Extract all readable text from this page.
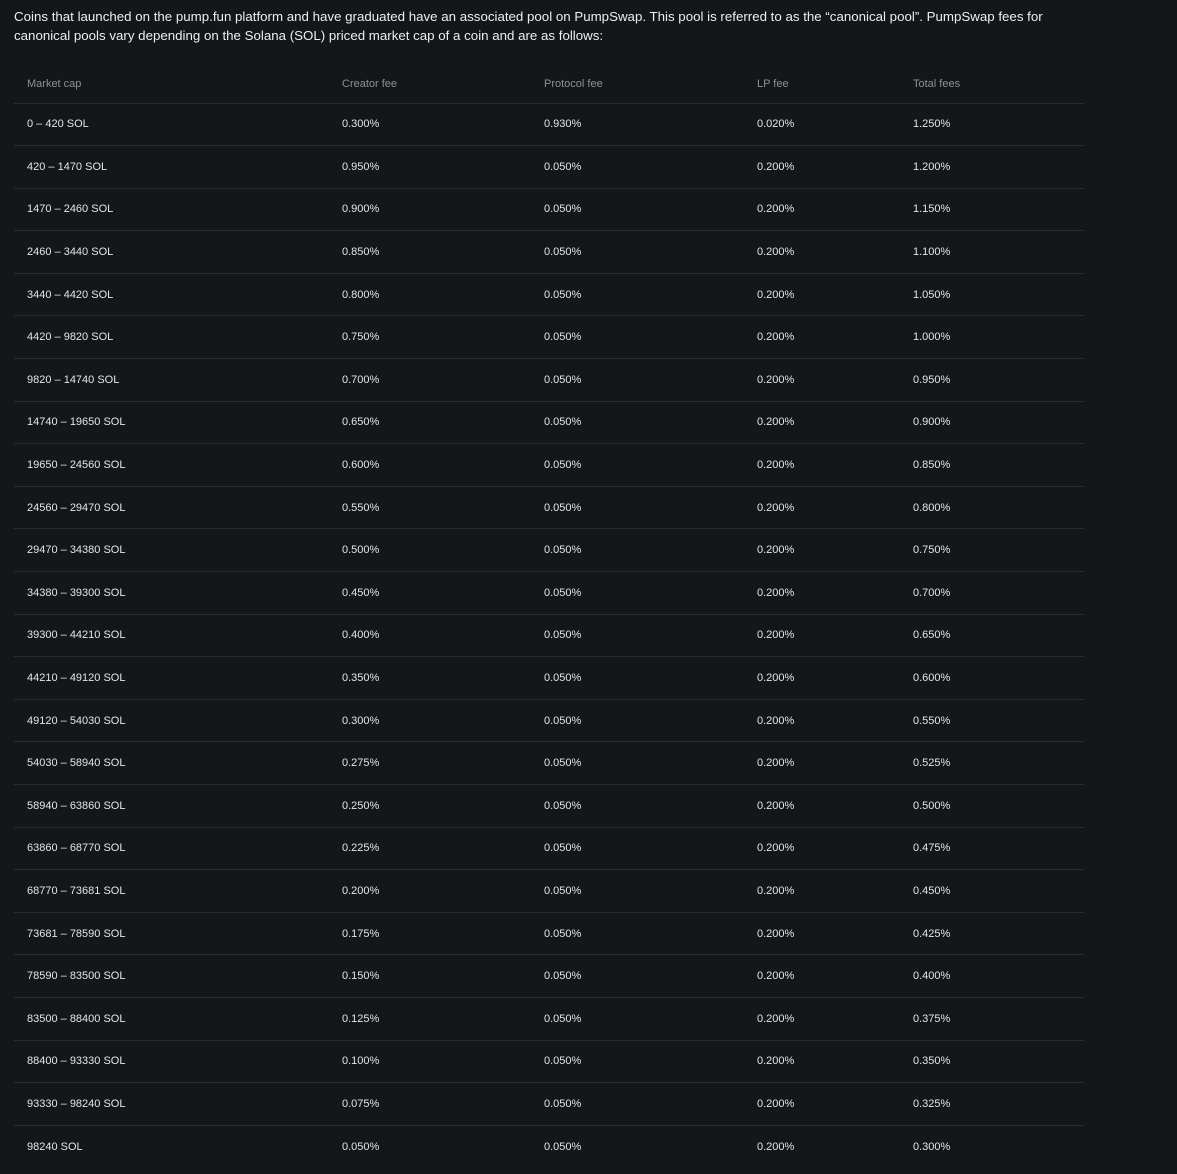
Coins that launched on the pump.fun platform and have graduated have an associated pool on PumpSwap. This pool is referred to as the “canonical pool”. PumpSwap fees for canonical pools vary depending on the Solana (SOL) priced market cap of a coin and are as follows:

Market cap	Creator fee	Protocol fee	LP fee	Total fees
0 – 420 SOL	0.300%	0.930%	0.020%	1.250%
420 – 1470 SOL	0.950%	0.050%	0.200%	1.200%
1470 – 2460 SOL	0.900%	0.050%	0.200%	1.150%
2460 – 3440 SOL	0.850%	0.050%	0.200%	1.100%
3440 – 4420 SOL	0.800%	0.050%	0.200%	1.050%
4420 – 9820 SOL	0.750%	0.050%	0.200%	1.000%
9820 – 14740 SOL	0.700%	0.050%	0.200%	0.950%
14740 – 19650 SOL	0.650%	0.050%	0.200%	0.900%
19650 – 24560 SOL	0.600%	0.050%	0.200%	0.850%
24560 – 29470 SOL	0.550%	0.050%	0.200%	0.800%
29470 – 34380 SOL	0.500%	0.050%	0.200%	0.750%
34380 – 39300 SOL	0.450%	0.050%	0.200%	0.700%
39300 – 44210 SOL	0.400%	0.050%	0.200%	0.650%
44210 – 49120 SOL	0.350%	0.050%	0.200%	0.600%
49120 – 54030 SOL	0.300%	0.050%	0.200%	0.550%
54030 – 58940 SOL	0.275%	0.050%	0.200%	0.525%
58940 – 63860 SOL	0.250%	0.050%	0.200%	0.500%
63860 – 68770 SOL	0.225%	0.050%	0.200%	0.475%
68770 – 73681 SOL	0.200%	0.050%	0.200%	0.450%
73681 – 78590 SOL	0.175%	0.050%	0.200%	0.425%
78590 – 83500 SOL	0.150%	0.050%	0.200%	0.400%
83500 – 88400 SOL	0.125%	0.050%	0.200%	0.375%
88400 – 93330 SOL	0.100%	0.050%	0.200%	0.350%
93330 – 98240 SOL	0.075%	0.050%	0.200%	0.325%
98240 SOL	0.050%	0.050%	0.200%	0.300%
